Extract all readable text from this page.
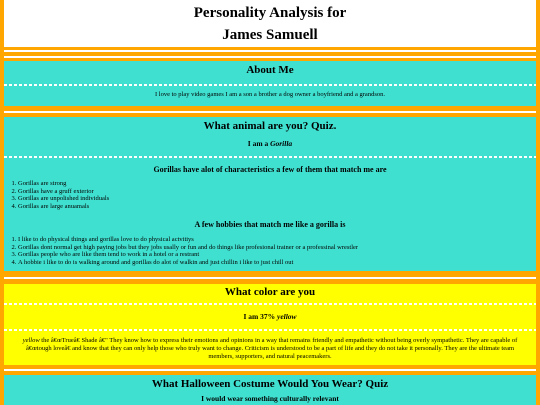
Personality Analysis for
James Samuell
About Me
I love to play video games I am a son a brother a dog owner a boyfriend and a grandson.
What animal are you? Quiz.
I am a Gorilla
Gorillas have alot of characteristics a few of them that match me are
1. Gorillas are strong
2. Gorillas have a gruff exterior
3. Gorillas are unpolished individuals
4. Gorillas are large anuamals
A few hobbies that match me like a gorilla is
1. I like to do physical things and gorillas love to do physical actvitiys
2. Gorillas dont normal get high paying jobs but they jobs usally or fun and do things like profesional trainer or a professinal wrestler
3. Gorillas people who are like them tend to work in a hotel or a restrant
4. A hobbie i like to do is walking around and gorillas do alot of walkin and just chillin i like to just chill out
What color are you
I am 37% yellow
yellow the â€œTrueâ€ Shade â€" They know how to express their emotions and opinions in a way that remains friendly and empathetic without being overly sympathetic. They are capable of
â€œtough loveâ€ and know that they can only help those who truly want to change. Criticism is understood to be a part of life and they do not take it personally. They are the ultimate team
members, supporters, and natural peacemakers.
What Halloween Costume Would You Wear? Quiz
I would wear something culturally relevant
